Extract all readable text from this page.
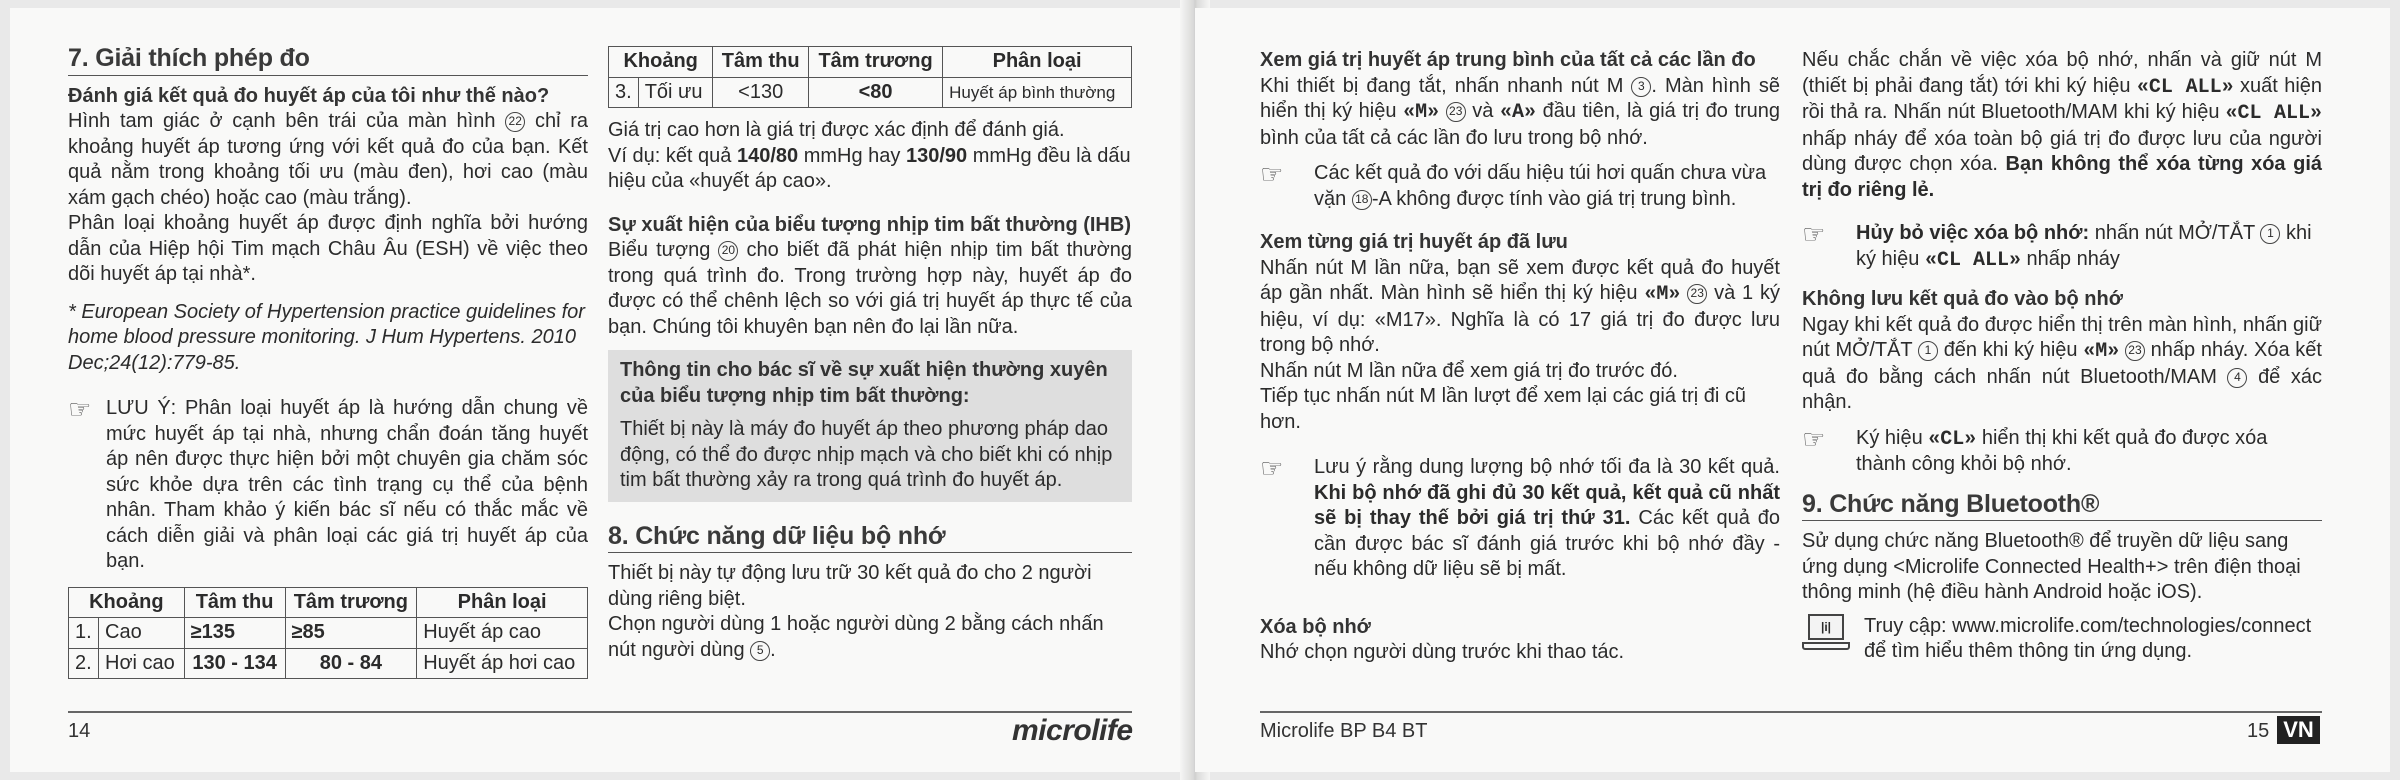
7. Giải thích phép đo

Đánh giá kết quả đo huyết áp của tôi như thế nào?

Hình tam giác ở cạnh bên trái của màn hình 22 chỉ ra khoảng huyết áp tương ứng với kết quả đo của bạn. Kết quả nằm trong khoảng tối ưu (màu đen), hơi cao (màu xám gạch chéo) hoặc cao (màu trắng).

Phân loại khoảng huyết áp được định nghĩa bởi hướng dẫn của Hiệp hội Tim mạch Châu Âu (ESH) về việc theo dõi huyết áp tại nhà*.

* European Society of Hypertension practice guidelines for home blood pressure monitoring. J Hum Hypertens. 2010 Dec;24(12):779-85.

☞ LƯU Ý: Phân loại huyết áp là hướng dẫn chung về mức huyết áp tại nhà, nhưng chẩn đoán tăng huyết áp nên được thực hiện bởi một chuyên gia chăm sóc sức khỏe dựa trên các tình trạng cụ thể của bệnh nhân. Tham khảo ý kiến bác sĩ nếu có thắc mắc về cách diễn giải và phân loại các giá trị huyết áp của bạn.

Khoảng		Tâm thu	Tâm trương	Phân loại
1.	Cao	≥135	≥85	Huyết áp cao
2.	Hơi cao	130 - 134	80 - 84	Huyết áp hơi cao
Khoảng		Tâm thu	Tâm trương	Phân loại
3.	Tối ưu	<130	<80	Huyết áp bình thường

Giá trị cao hơn là giá trị được xác định để đánh giá.

Ví dụ: kết quả 140/80 mmHg hay 130/90 mmHg đều là dấu hiệu của «huyết áp cao».

Sự xuất hiện của biểu tượng nhịp tim bất thường (IHB)

Biểu tượng 20 cho biết đã phát hiện nhịp tim bất thường trong quá trình đo. Trong trường hợp này, huyết áp đo được có thể chênh lệch so với giá trị huyết áp thực tế của bạn. Chúng tôi khuyên bạn nên đo lại lần nữa.

Thông tin cho bác sĩ về sự xuất hiện thường xuyên của biểu tượng nhịp tim bất thường:

Thiết bị này là máy đo huyết áp theo phương pháp dao động, có thể đo được nhịp mạch và cho biết khi có nhịp tim bất thường xảy ra trong quá trình đo huyết áp.

8. Chức năng dữ liệu bộ nhớ

Thiết bị này tự động lưu trữ 30 kết quả đo cho 2 người dùng riêng biệt.

Chọn người dùng 1 hoặc người dùng 2 bằng cách nhấn nút người dùng 5 .

14	microlife

Xem giá trị huyết áp trung bình của tất cả các lần đo

Khi thiết bị đang tắt, nhấn nhanh nút M 3 . Màn hình sẽ hiển thị ký hiệu «M» 23 và «A» đầu tiên, là giá trị đo trung bình của tất cả các lần đo lưu trong bộ nhớ.

☞	Các kết quả đo với dấu hiệu túi hơi quấn chưa vừa vặn 18 -A không được tính vào giá trị trung bình.

Xem từng giá trị huyết áp đã lưu

Nhấn nút M lần nữa, bạn sẽ xem được kết quả đo huyết áp gần nhất. Màn hình sẽ hiển thị ký hiệu «M» 23 và 1 ký hiệu, ví dụ: «M17». Nghĩa là có 17 giá trị đo được lưu trong bộ nhớ.

Nhấn nút M lần nữa để xem giá trị đo trước đó.

Tiếp tục nhấn nút M lần lượt để xem lại các giá trị đi cũ hơn.

☞	Lưu ý rằng dung lượng bộ nhớ tối đa là 30 kết quả. Khi bộ nhớ đã ghi đủ 30 kết quả, kết quả cũ nhất sẽ bị thay thế bởi giá trị thứ 31. Các kết quả đo cần được bác sĩ đánh giá trước khi bộ nhớ đầy - nếu không dữ liệu sẽ bị mất.

Xóa bộ nhớ

Nhớ chọn người dùng trước khi thao tác.

Nếu chắc chắn về việc xóa bộ nhớ, nhấn và giữ nút M (thiết bị phải đang tắt) tới khi ký hiệu «CL ALL» xuất hiện rồi thả ra. Nhấn nút Bluetooth/MAM khi ký hiệu «CL ALL» nhấp nháy để xóa toàn bộ giá trị đo được lưu của người dùng được chọn xóa. Bạn không thể xóa từng xóa giá trị đo riêng lẻ.

☞	Hủy bỏ việc xóa bộ nhớ: nhấn nút MỞ/TẮT 1 khi ký hiệu «CL ALL» nhấp nháy

Không lưu kết quả đo vào bộ nhớ

Ngay khi kết quả đo được hiển thị trên màn hình, nhấn giữ nút MỞ/TẮT 1 đến khi ký hiệu «M» 23 nhấp nháy. Xóa kết quả đo bằng cách nhấn nút Bluetooth/MAM 4 để xác nhận.

☞	Ký hiệu «CL» hiển thị khi kết quả đo được xóa thành công khỏi bộ nhớ.

9. Chức năng Bluetooth®

Sử dụng chức năng Bluetooth® để truyền dữ liệu sang ứng dụng <Microlife Connected Health+> trên điện thoại thông minh (hệ điều hành Android hoặc iOS).

|i|	Truy cập: www.microlife.com/technologies/connect để tìm hiểu thêm thông tin ứng dụng.

Microlife BP B4 BT	15 VN
